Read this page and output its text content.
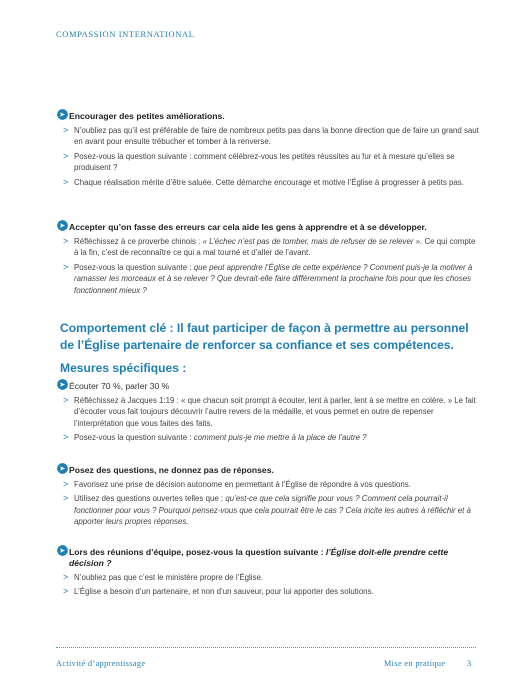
COMPASSION INTERNATIONAL
Encourager des petites améliorations.
> N’oubliez pas qu’il est préférable de faire de nombreux petits pas dans la bonne direction que de faire un grand saut en avant pour ensuite trébucher et tomber à la renverse.
> Posez-vous la question suivante : comment célébrez-vous les petites réussites au fur et à mesure qu’elles se produisent ?
> Chaque réalisation mérite d’être saluée. Cette démarche encourage et motive l’Église à progresser à petits pas.
Accepter qu’on fasse des erreurs car cela aide les gens à apprendre et à se développer.
> Réfléchissez à ce proverbe chinois : « L’échec n’est pas de tomber, mais de refuser de se relever ». Ce qui compte à la fin, c’est de reconnaître ce qui a mal tourné et d’aller de l’avant.
> Posez-vous la question suivante : que peut apprendre l’Église de cette expérience ? Comment puis-je la motiver à ramasser les morceaux et à se relever ? Que devrait-elle faire différemment la prochaine fois pour que les choses fonctionnent mieux ?
Comportement clé : Il faut participer de façon à permettre au personnel de l’Église partenaire de renforcer sa confiance et ses compétences.
Mesures spécifiques :
Écouter 70 %, parler 30 %
> Réfléchissez à Jacques 1:19 : « que chacun soit prompt à écouter, lent à parler, lent à se mettre en colère. » Le fait d’écouter vous fait toujours découvrir l’autre revers de la médaille, et vous permet en outre de repenser l’interprétation que vous faites des faits.
> Posez-vous la question suivante : comment puis-je me mettre à la place de l’autre ?
Posez des questions, ne donnez pas de réponses.
> Favorisez une prise de décision autonome en permettant à l’Église de répondre à vos questions.
> Utilisez des questions ouvertes telles que : qu’est-ce que cela signifie pour vous ? Comment cela pourrait-il fonctionner pour vous ? Pourquoi pensez-vous que cela pourrait être le cas ? Cela incite les autres à réfléchir et à apporter leurs propres réponses.
Lors des réunions d’équipe, posez-vous la question suivante : l’Église doit-elle prendre cette décision ?
> N’oubliez pas que c’est le ministère propre de l’Église.
> L’Église a besoin d’un partenaire, et non d’un sauveur, pour lui apporter des solutions.
Activité d’apprentissage	Mise en pratique	3
